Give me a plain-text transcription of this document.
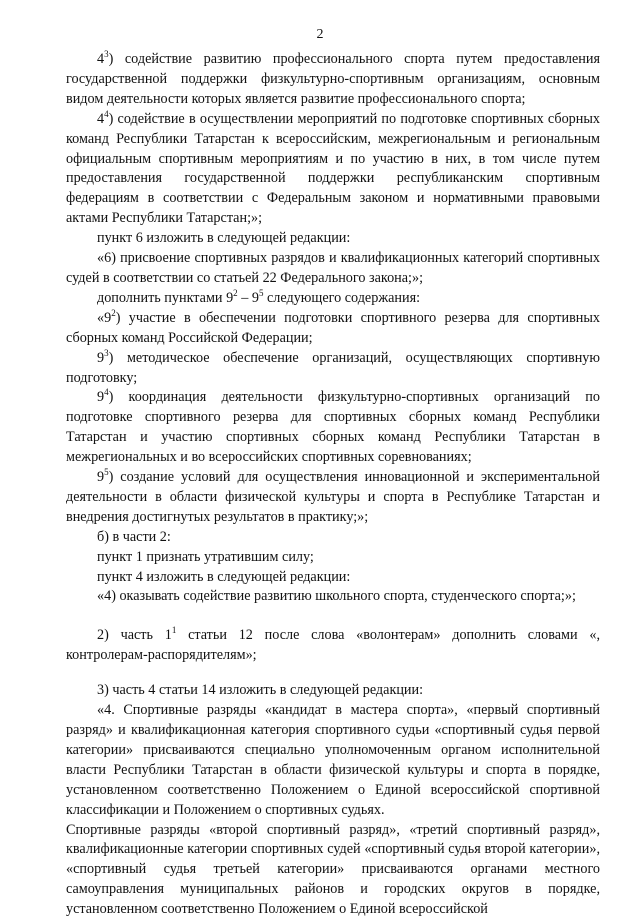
2

$4^3$) содействие развитию профессионального спорта путем предоставления государственной поддержки физкультурно-спортивным организациям, основным видом деятельности которых является развитие профессионального спорта;

$4^4$) содействие в осуществлении мероприятий по подготовке спортивных сборных команд Республики Татарстан к всероссийским, межрегиональным и региональным официальным спортивным мероприятиям и по участию в них, в том числе путем предоставления государственной поддержки республиканским спортивным федерациям в соответствии с Федеральным законом и нормативными правовыми актами Республики Татарстан;»;

пункт 6 изложить в следующей редакции:

«6) присвоение спортивных разрядов и квалификационных категорий спортивных судей в соответствии со статьей 22 Федерального закона;»;

дополнить пунктами $9^2 - 9^5$ следующего содержания:

«$9^2$) участие в обеспечении подготовки спортивного резерва для спортивных сборных команд Российской Федерации;

$9^3$) методическое обеспечение организаций, осуществляющих спортивную подготовку;

$9^4$) координация деятельности физкультурно-спортивных организаций по подготовке спортивного резерва для спортивных сборных команд Республики Татарстан и участию спортивных сборных команд Республики Татарстан в межрегиональных и во всероссийских спортивных соревнованиях;

$9^5$) создание условий для осуществления инновационной и экспериментальной деятельности в области физической культуры и спорта в Республике Татарстан и внедрения достигнутых результатов в практику;»;

б) в части 2:

пункт 1 признать утратившим силу;

пункт 4 изложить в следующей редакции:

«4) оказывать содействие развитию школьного спорта, студенческого спорта;»;

2) часть $1^1$ статьи 12 после слова «волонтерам» дополнить словами «, контролерам-распорядителям»;

3) часть 4 статьи 14 изложить в следующей редакции:

«4. Спортивные разряды «кандидат в мастера спорта», «первый спортивный разряд» и квалификационная категория спортивного судьи «спортивный судья первой категории» присваиваются специально уполномоченным органом исполнительной власти Республики Татарстан в области физической культуры и спорта в порядке, установленном соответственно Положением о Единой всероссийской спортивной классификации и Положением о спортивных судьях.

Спортивные разряды «второй спортивный разряд», «третий спортивный разряд», квалификационные категории спортивных судей «спортивный судья второй категории», «спортивный судья третьей категории» присваиваются органами местного самоуправления муниципальных районов и городских округов в порядке, установленном соответственно Положением о Единой всероссийской
